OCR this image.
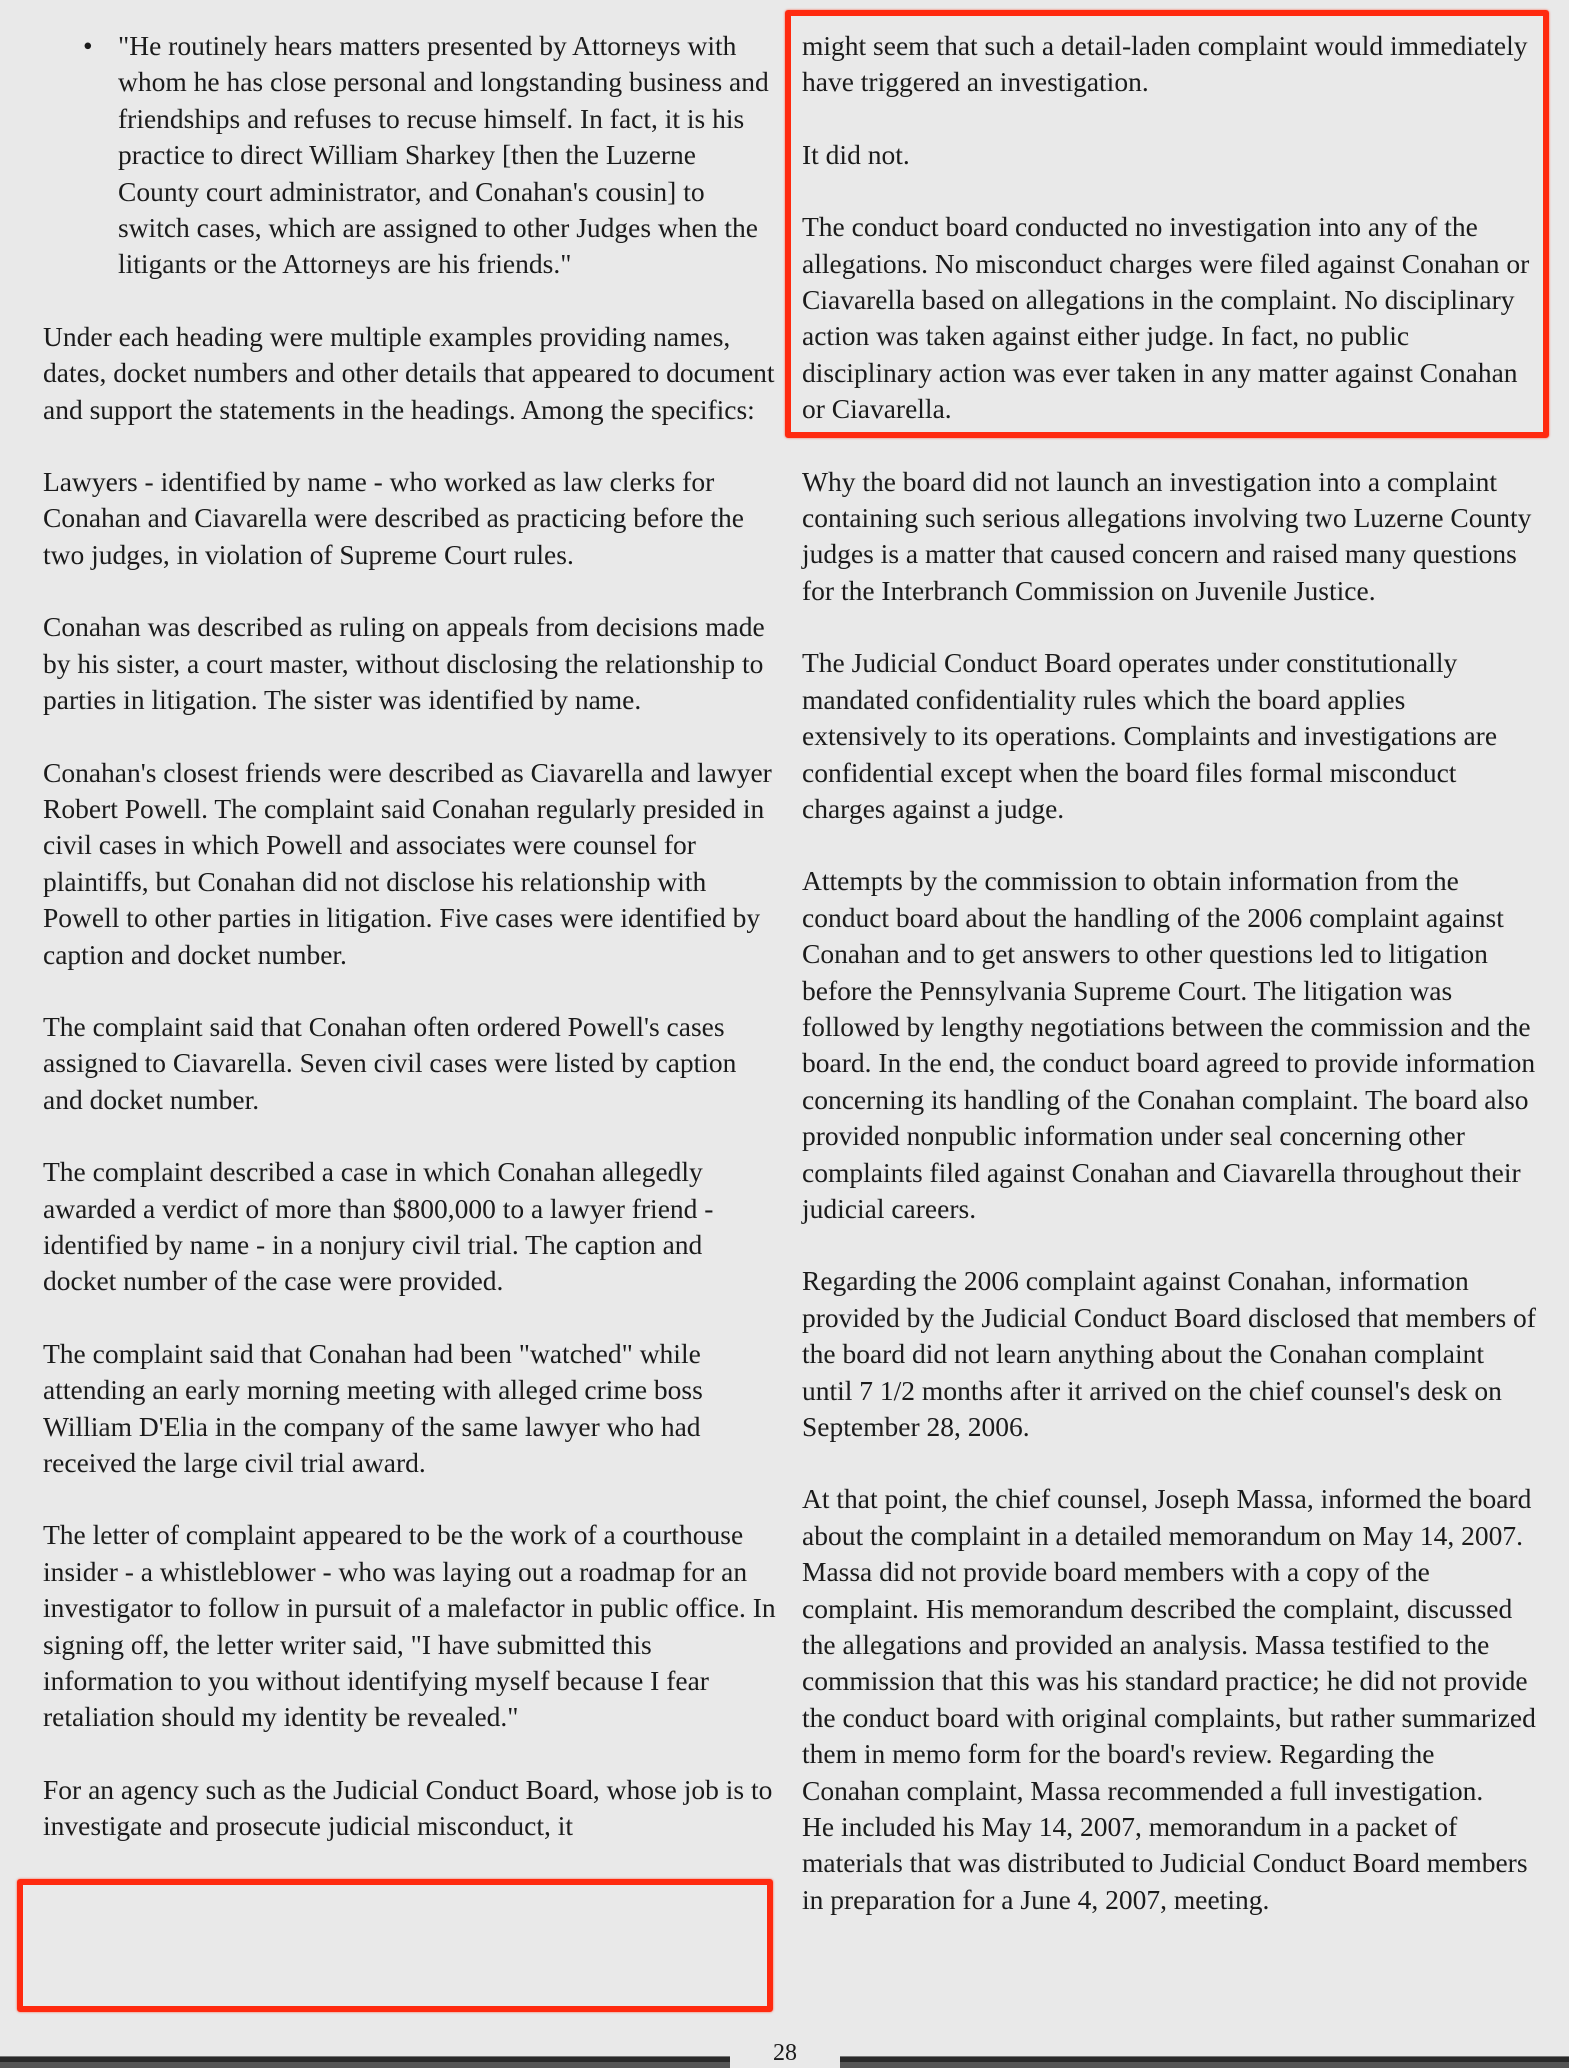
• "He routinely hears matters presented by Attorneys with whom he has close personal and longstanding business and friendships and refuses to recuse himself. In fact, it is his practice to direct William Sharkey [then the Luzerne County court administrator, and Conahan's cousin] to switch cases, which are assigned to other Judges when the litigants or the Attorneys are his friends."

Under each heading were multiple examples providing names, dates, docket numbers and other details that appeared to document and support the statements in the headings. Among the specifics:

Lawyers - identified by name - who worked as law clerks for Conahan and Ciavarella were described as practicing before the two judges, in violation of Supreme Court rules.

Conahan was described as ruling on appeals from decisions made by his sister, a court master, without disclosing the relationship to parties in litigation. The sister was identified by name.

Conahan's closest friends were described as Ciavarella and lawyer Robert Powell. The complaint said Conahan regularly presided in civil cases in which Powell and associates were counsel for plaintiffs, but Conahan did not disclose his relationship with Powell to other parties in litigation. Five cases were identified by caption and docket number.

The complaint said that Conahan often ordered Powell's cases assigned to Ciavarella. Seven civil cases were listed by caption and docket number.

The complaint described a case in which Conahan allegedly awarded a verdict of more than $800,000 to a lawyer friend - identified by name - in a nonjury civil trial. The caption and docket number of the case were provided.

The complaint said that Conahan had been "watched" while attending an early morning meeting with alleged crime boss William D'Elia in the company of the same lawyer who had received the large civil trial award.

The letter of complaint appeared to be the work of a courthouse insider - a whistleblower - who was laying out a roadmap for an investigator to follow in pursuit of a malefactor in public office. In signing off, the letter writer said, "I have submitted this information to you without identifying myself because I fear retaliation should my identity be revealed."

For an agency such as the Judicial Conduct Board, whose job is to investigate and prosecute judicial misconduct, it

might seem that such a detail-laden complaint would immediately have triggered an investigation.

It did not.

The conduct board conducted no investigation into any of the allegations. No misconduct charges were filed against Conahan or Ciavarella based on allegations in the complaint. No disciplinary action was taken against either judge. In fact, no public disciplinary action was ever taken in any matter against Conahan or Ciavarella.

Why the board did not launch an investigation into a complaint containing such serious allegations involving two Luzerne County judges is a matter that caused concern and raised many questions for the Interbranch Commission on Juvenile Justice.

The Judicial Conduct Board operates under constitutionally mandated confidentiality rules which the board applies extensively to its operations. Complaints and investigations are confidential except when the board files formal misconduct charges against a judge.

Attempts by the commission to obtain information from the conduct board about the handling of the 2006 complaint against Conahan and to get answers to other questions led to litigation before the Pennsylvania Supreme Court. The litigation was followed by lengthy negotiations between the commission and the board. In the end, the conduct board agreed to provide information concerning its handling of the Conahan complaint. The board also provided nonpublic information under seal concerning other complaints filed against Conahan and Ciavarella throughout their judicial careers.

Regarding the 2006 complaint against Conahan, information provided by the Judicial Conduct Board disclosed that members of the board did not learn anything about the Conahan complaint until 7 1/2 months after it arrived on the chief counsel's desk on September 28, 2006.

At that point, the chief counsel, Joseph Massa, informed the board about the complaint in a detailed memorandum on May 14, 2007. Massa did not provide board members with a copy of the complaint. His memorandum described the complaint, discussed the allegations and provided an analysis. Massa testified to the commission that this was his standard practice; he did not provide the conduct board with original complaints, but rather summarized them in memo form for the board's review. Regarding the Conahan complaint, Massa recommended a full investigation.

He included his May 14, 2007, memorandum in a packet of materials that was distributed to Judicial Conduct Board members in preparation for a June 4, 2007, meeting.

28
